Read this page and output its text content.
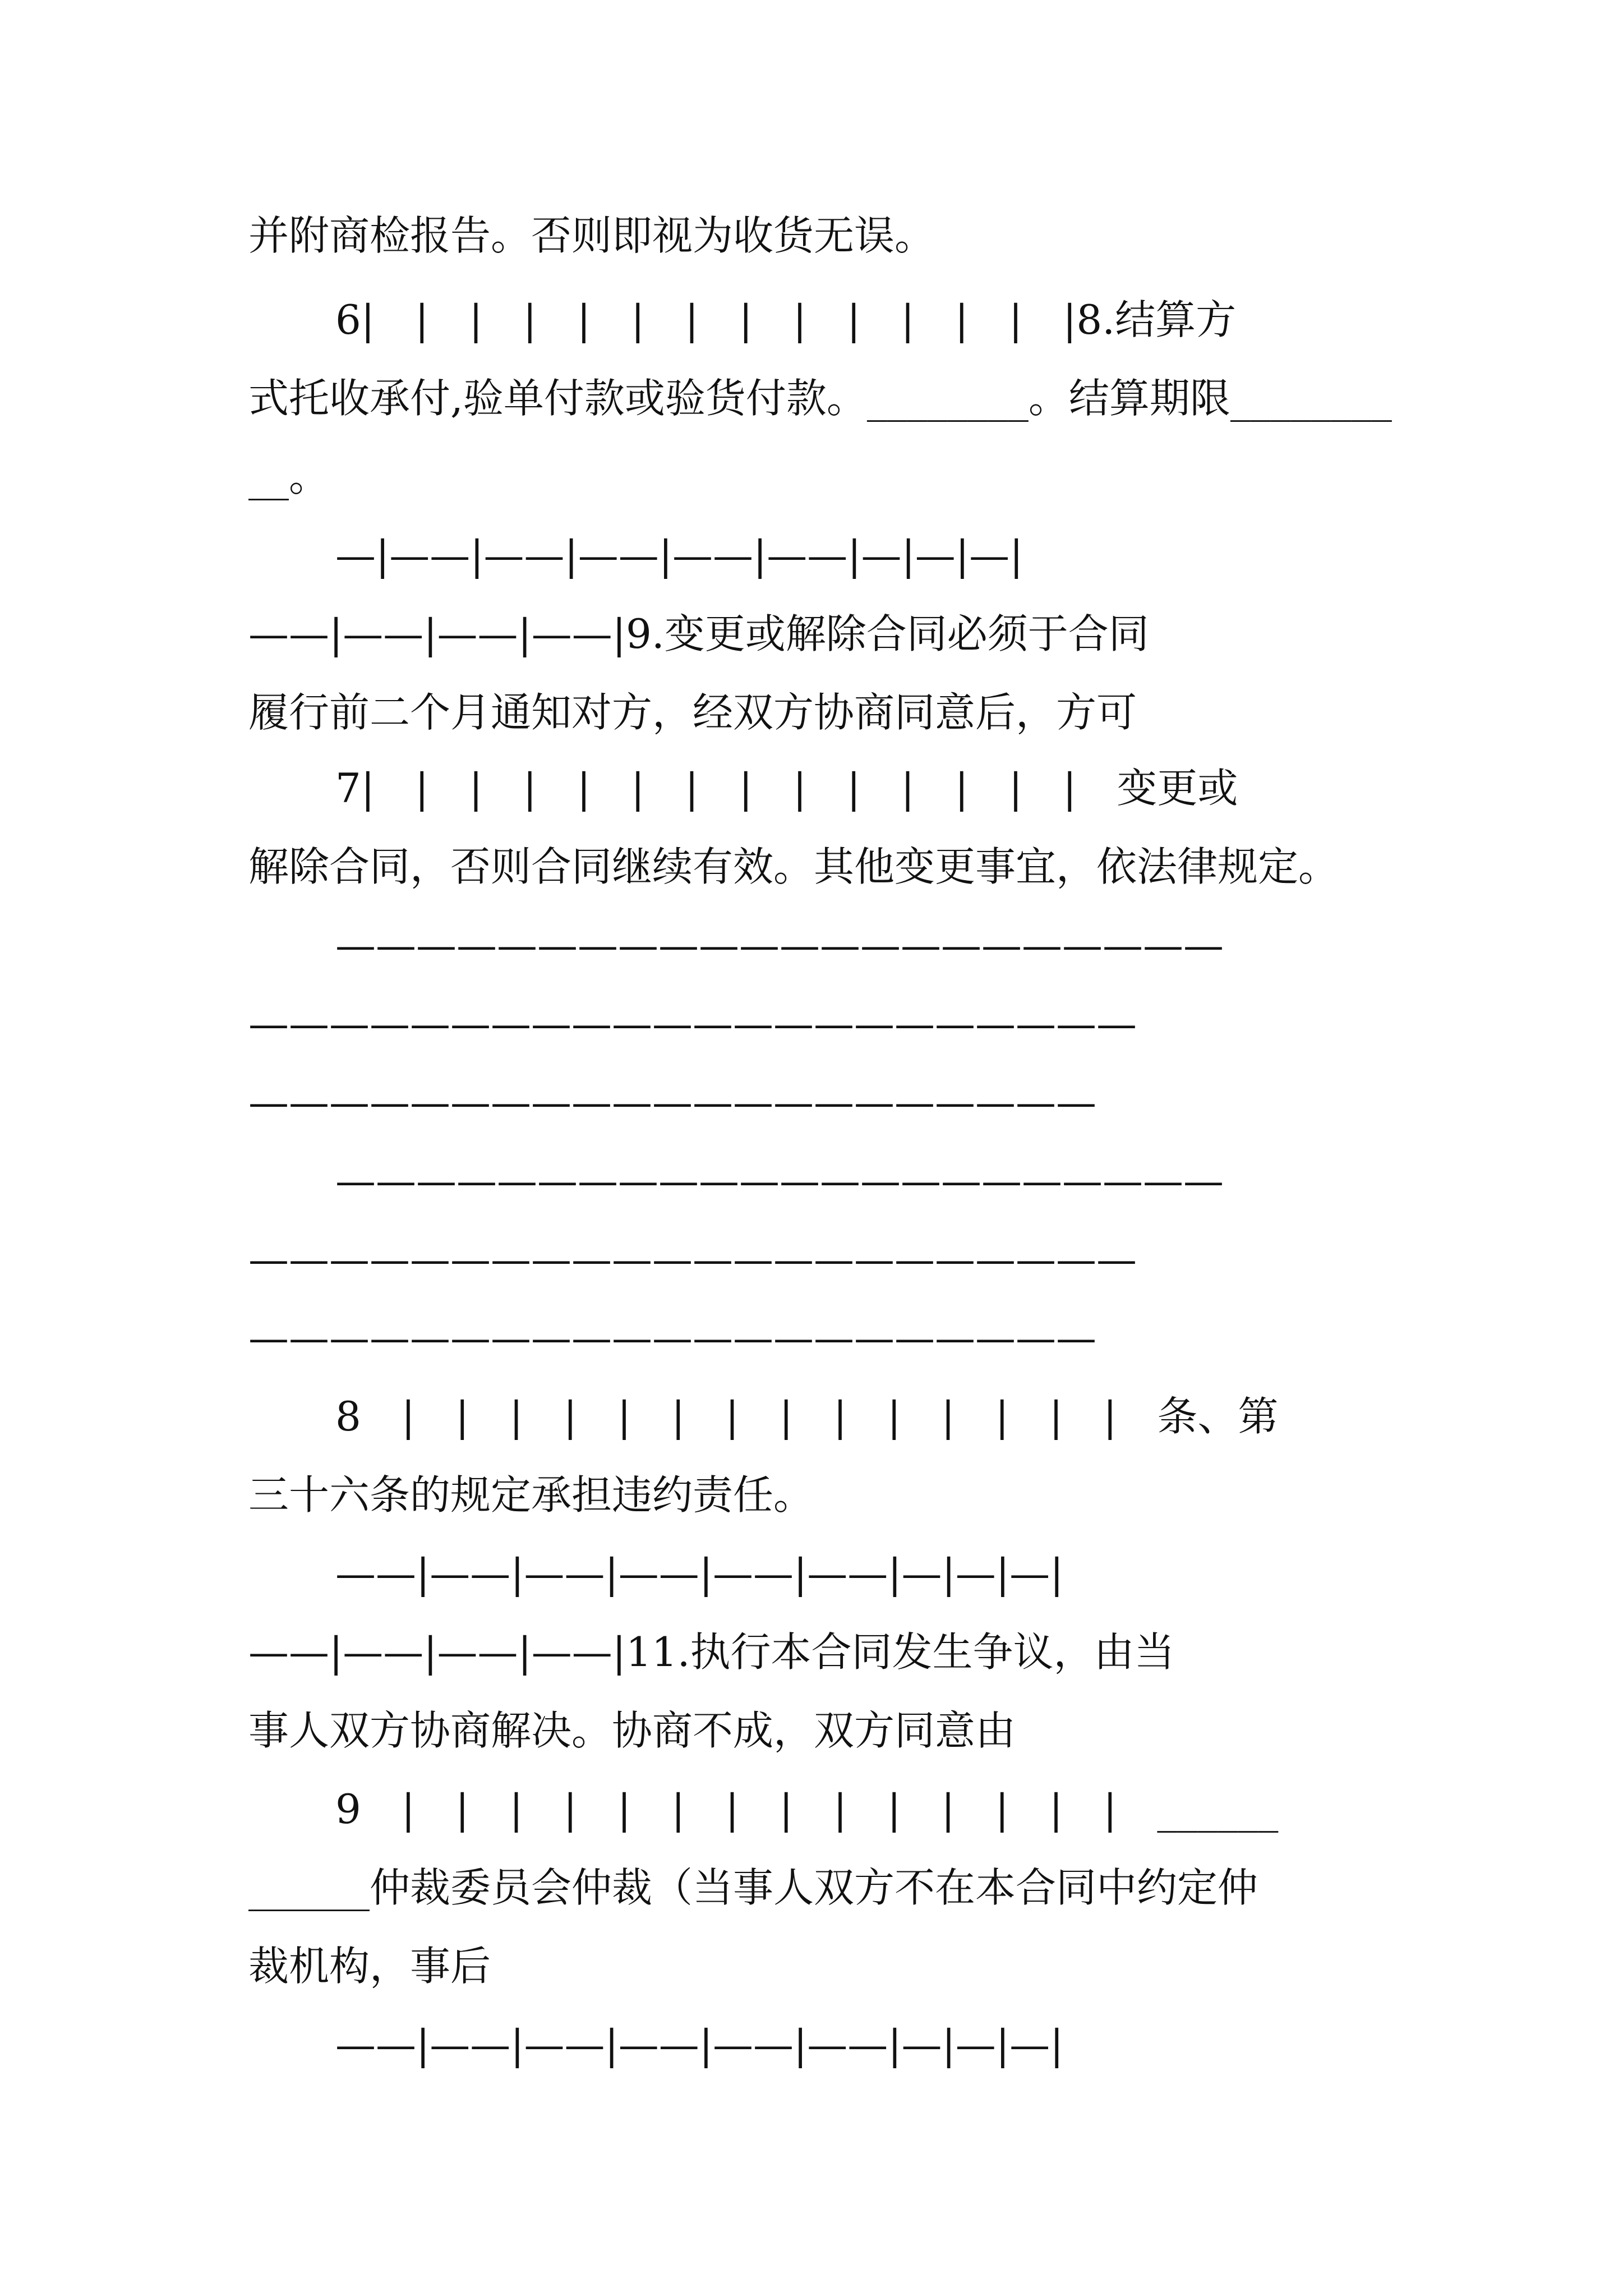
并附商检报告。否则即视为收货无误。
6|　|　|　|　|　|　|　|　|　|　|　|　|　|8.结算方
式托收承付,验单付款或验货付款。________。结算期限________
__。
—|——|——|——|——|——|—|—|—|
——|——|——|——|9.变更或解除合同必须于合同
履行前二个月通知对方，经双方协商同意后，方可
7|　|　|　|　|　|　|　|　|　|　|　|　|　|　变更或
解除合同，否则合同继续有效。其他变更事宜，依法律规定。
——————————————————————
——————————————————————
—————————————————————
——————————————————————
——————————————————————
—————————————————————
8　|　|　|　|　|　|　|　|　|　|　|　|　|　|　条、第
三十六条的规定承担违约责任。
——|——|——|——|——|——|—|—|—|
——|——|——|——|11.执行本合同发生争议，由当
事人双方协商解决。协商不成，双方同意由
9　|　|　|　|　|　|　|　|　|　|　|　|　|　|　______
______仲裁委员会仲裁（当事人双方不在本合同中约定仲
裁机构，事后
——|——|——|——|——|——|—|—|—|
